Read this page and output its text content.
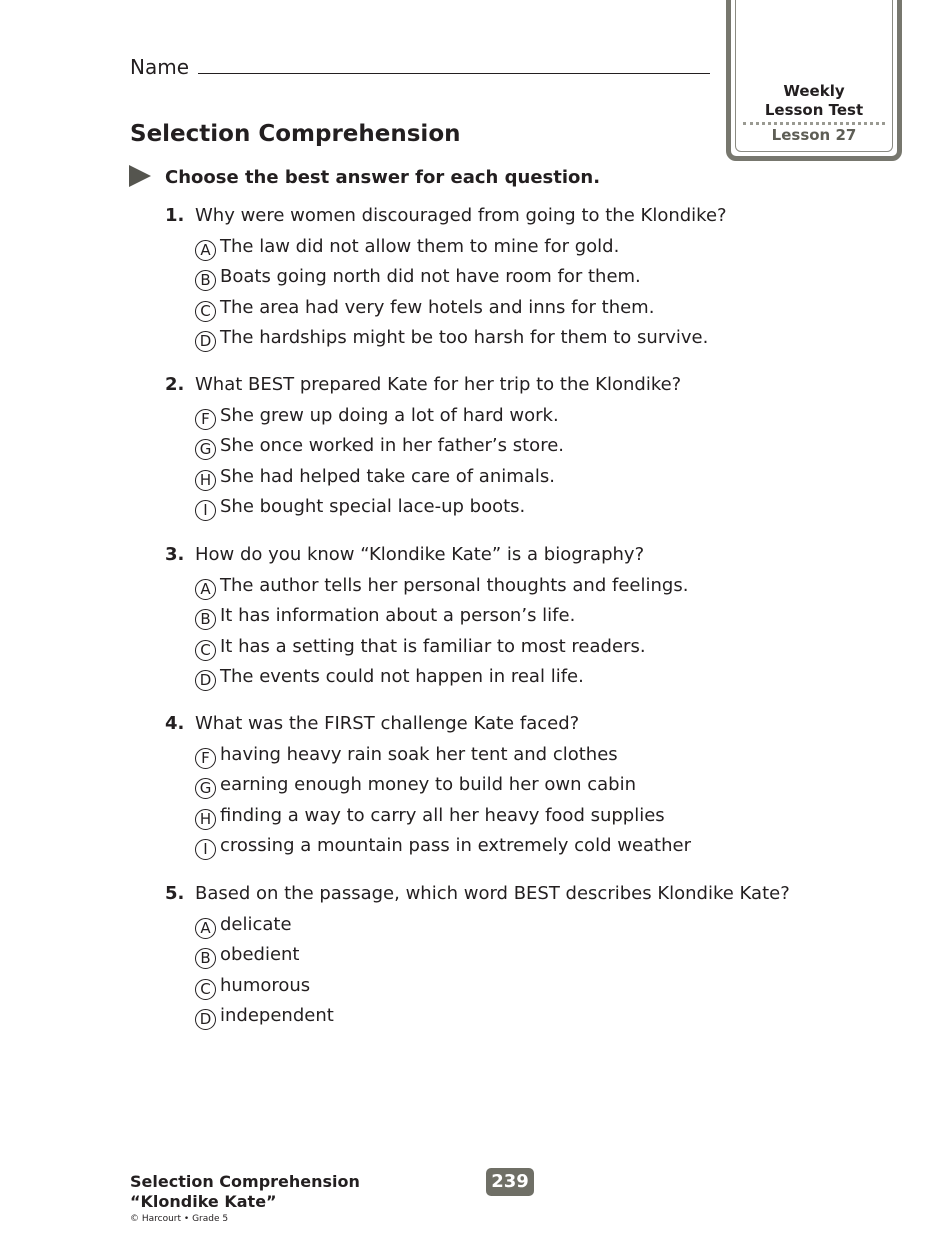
Name
Weekly
Lesson Test
Lesson 27
Selection Comprehension
Choose the best answer for each question.
1. Why were women discouraged from going to the Klondike?
A The law did not allow them to mine for gold.
B Boats going north did not have room for them.
C The area had very few hotels and inns for them.
D The hardships might be too harsh for them to survive.
2. What BEST prepared Kate for her trip to the Klondike?
F She grew up doing a lot of hard work.
G She once worked in her father’s store.
H She had helped take care of animals.
I She bought special lace-up boots.
3. How do you know “Klondike Kate” is a biography?
A The author tells her personal thoughts and feelings.
B It has information about a person’s life.
C It has a setting that is familiar to most readers.
D The events could not happen in real life.
4. What was the FIRST challenge Kate faced?
F having heavy rain soak her tent and clothes
G earning enough money to build her own cabin
H finding a way to carry all her heavy food supplies
I crossing a mountain pass in extremely cold weather
5. Based on the passage, which word BEST describes Klondike Kate?
A delicate
B obedient
C humorous
D independent
Selection Comprehension
“Klondike Kate”
© Harcourt • Grade 5
239
